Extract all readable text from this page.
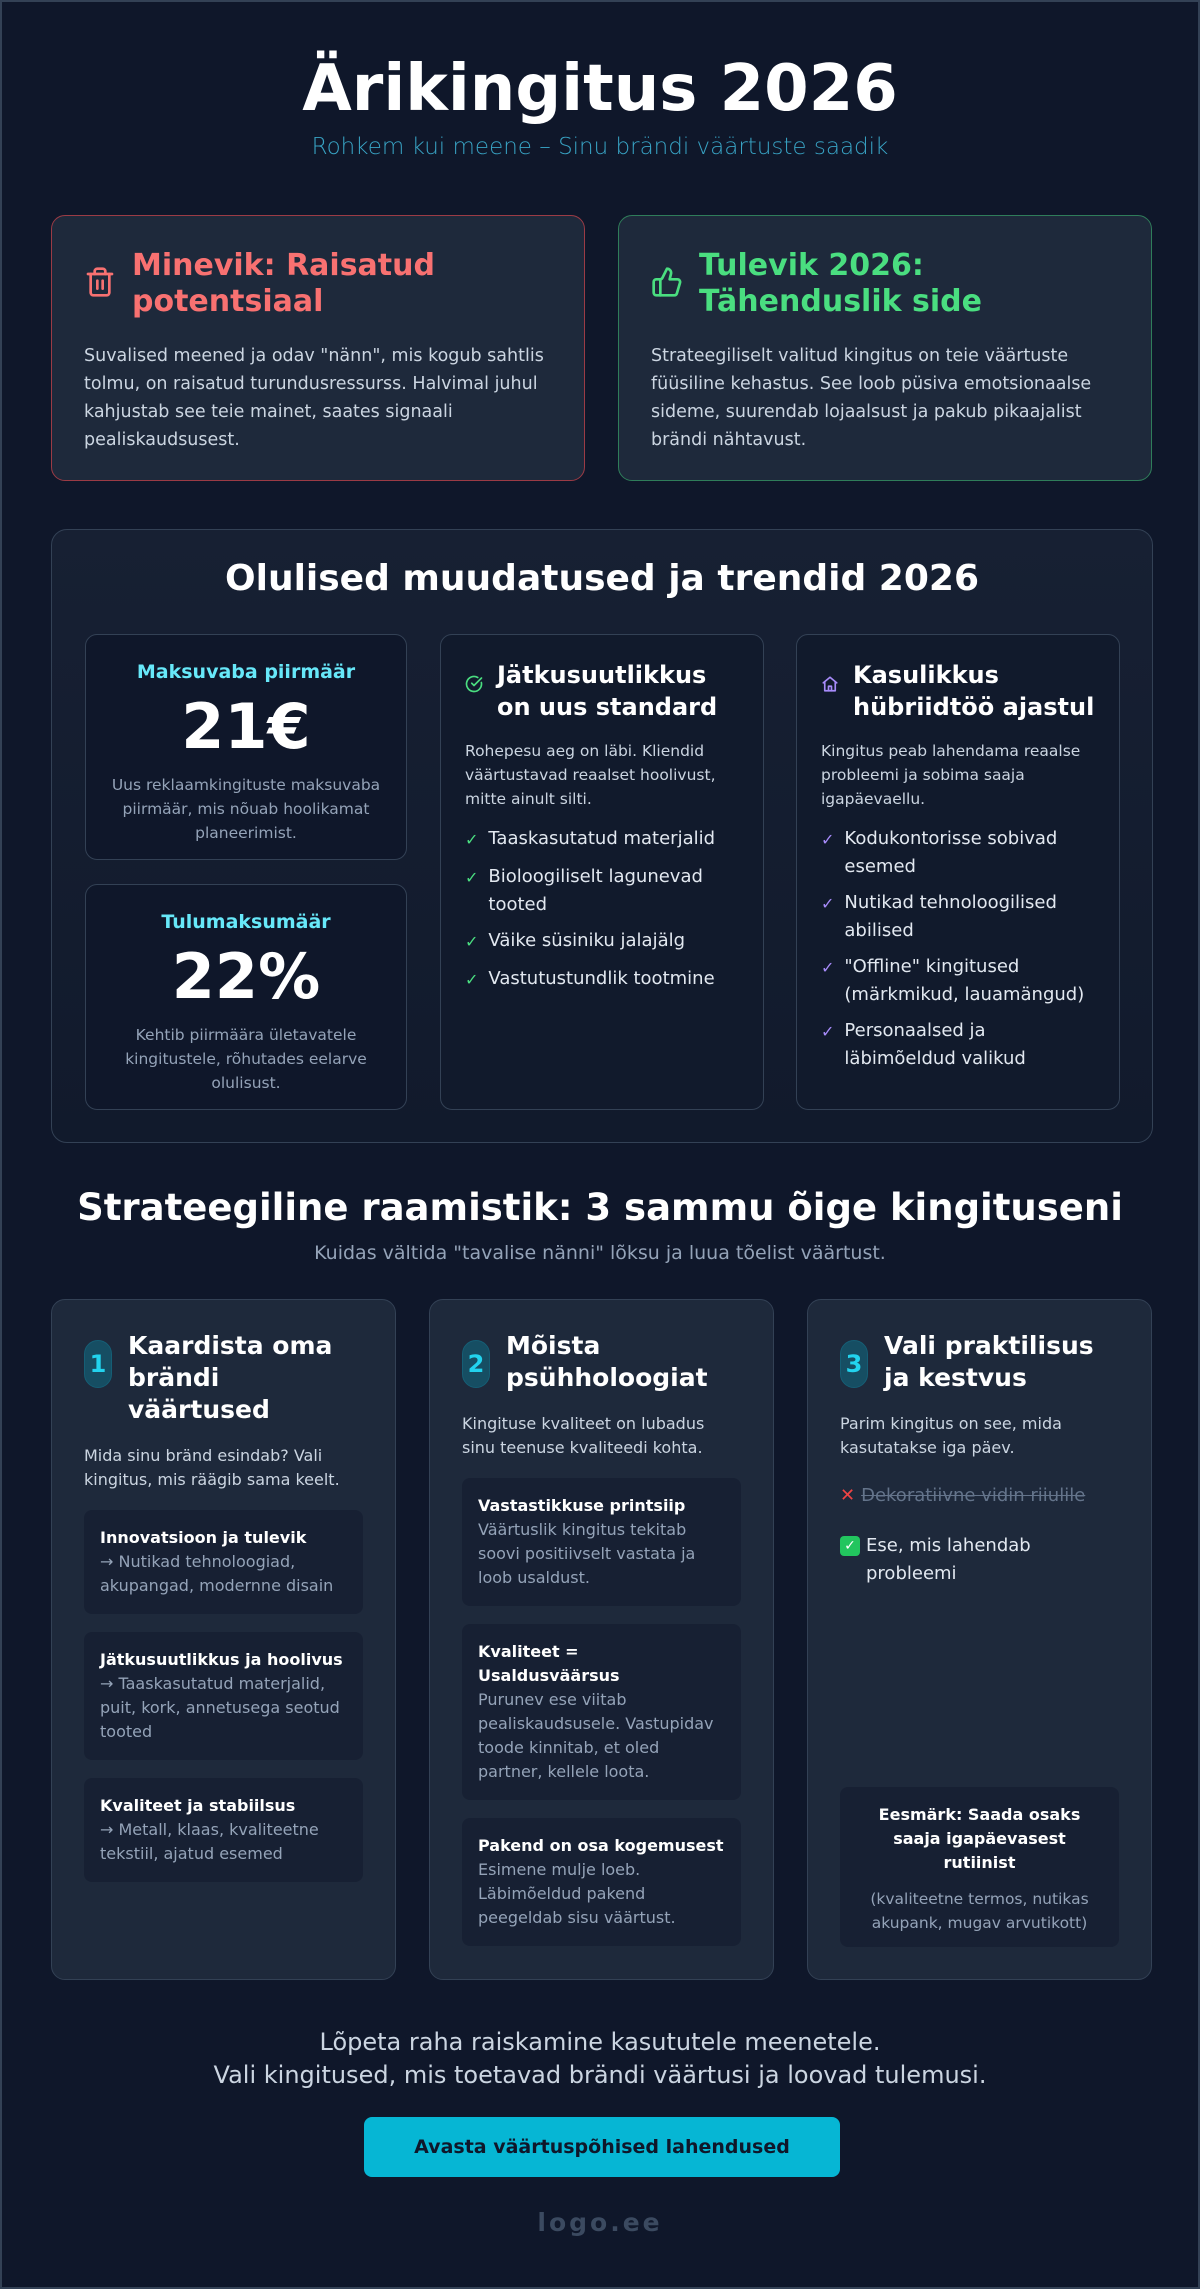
Ärikingitus 2026
Rohkem kui meene – Sinu brändi väärtuste saadik
Minevik: Raisatud potentsiaal

Suvalised meened ja odav "nänn", mis kogub sahtlis tolmu, on raisatud turundusressurss. Halvimal juhul kahjustab see teie mainet, saates signaali pealiskaudsusest.

Tulevik 2026: Tähenduslik side

Strateegiliselt valitud kingitus on teie väärtuste füüsiline kehastus. See loob püsiva emotsionaalse sideme, suurendab lojaalsust ja pakub pikaajalist brändi nähtavust.

Olulised muudatused ja trendid 2026
Maksuvaba piirmäär
21€
Uus reklaamkingituste maksuvaba piirmäär, mis nõuab hoolikamat planeerimist.
Tulumaksumäär
22%
Kehtib piirmäära ületavatele kingitustele, rõhutades eelarve olulisust.
Jätkusuutlikkus on uus standard

Rohepesu aeg on läbi. Kliendid väärtustavad reaalset hoolivust, mitte ainult silti.

✓ Taaskasutatud materjalid
✓ Bioloogiliselt lagunevad tooted
✓ Väike süsiniku jalajälg
✓ Vastutustundlik tootmine
Kasulikkus hübriidtöö ajastul

Kingitus peab lahendama reaalse probleemi ja sobima saaja igapäevaellu.

✓ Kodukontorisse sobivad esemed
✓ Nutikad tehnoloogilised abilised
✓ "Offline" kingitused (märkmikud, lauamängud)
✓ Personaalsed ja läbimõeldud valikud
Strateegiline raamistik: 3 sammu õige kingituseni
Kuidas vältida "tavalise nänni" lõksu ja luua tõelist väärtust.
1
Kaardista oma brändi väärtused

Mida sinu bränd esindab? Vali kingitus, mis räägib sama keelt.

Innovatsioon ja tulevik
→ Nutikad tehnoloogiad, akupangad, modernne disain
Jätkusuutlikkus ja hoolivus
→ Taaskasutatud materjalid, puit, kork, annetusega seotud tooted
Kvaliteet ja stabiilsus
→ Metall, klaas, kvaliteetne tekstiil, ajatud esemed
2
Mõista psühholoogiat

Kingituse kvaliteet on lubadus sinu teenuse kvaliteedi kohta.

Vastastikkuse printsiip
Väärtuslik kingitus tekitab soovi positiivselt vastata ja loob usaldust.
Kvaliteet = Usaldusväärsus
Purunev ese viitab pealiskaudsusele. Vastupidav toode kinnitab, et oled partner, kellele loota.
Pakend on osa kogemusest
Esimene mulje loeb. Läbimõeldud pakend peegeldab sisu väärtust.
3
Vali praktilisus ja kestvus

Parim kingitus on see, mida kasutatakse iga päev.

✕ Dekoratiivne vidin riiulile
✓ Ese, mis lahendab probleemi
Eesmärk: Saada osaks saaja igapäevasest rutiinist
(kvaliteetne termos, nutikas akupank, mugav arvutikott)
Lõpeta raha raiskamine kasututele meenetele.
Vali kingitused, mis toetavad brändi väärtusi ja loovad tulemusi.
Avasta väärtuspõhised lahendused
logo.ee
